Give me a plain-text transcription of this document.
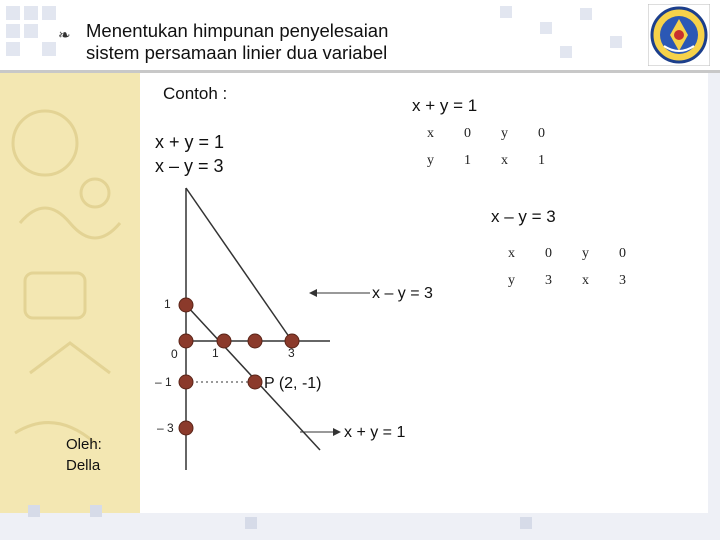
❧ Menentukan himpunan penyelesaian
sistem persamaan linier dua variabel
Oleh:
Della
Contoh :
x + y = 1
x – y = 3
x + y = 1
x	0	y	0
y	1	x	1
x – y = 3
x	0	y	0
y	3	x	3
1
0	1	3
– 1
– 3
x – y = 3
x + y = 1
P (2, -1)
